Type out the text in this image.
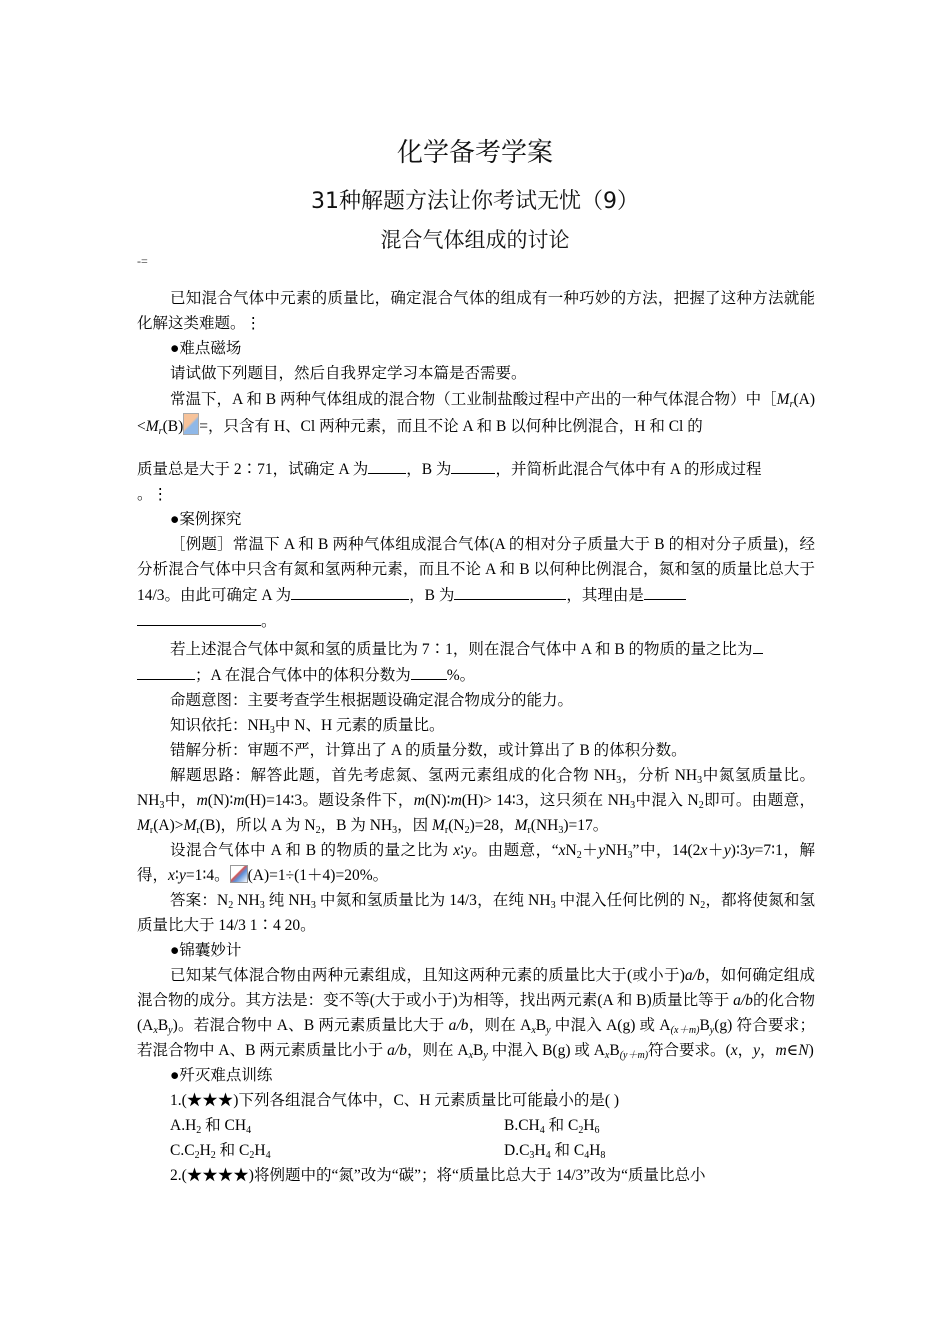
化学备考学案
31种解题方法让你考试无忧（9）
混合气体组成的讨论
-=

已知混合气体中元素的质量比，确定混合气体的组成有一种巧妙的方法，把握了这种方法就能化解这类难题。⋮

●难点磁场

请试做下列题目，然后自我界定学习本篇是否需要。

常温下，A 和 B 两种气体组成的混合物（工业制盐酸过程中产出的一种气体混合物）中$[M_r(A)<M_r(B)$ =，只含有 H、Cl 两种元素，而且不论 A 和 B 以何种比例混合，H 和 Cl 的

质量总是大于 2∶71，试确定 A 为 ，B 为	，并简析此混合气体中有 A 的形成过程

。⋮

●案例探究

［例题］常温下 A 和 B 两种气体组成混合气体(A 的相对分子质量大于 B 的相对分子质量)，经分析混合气体中只含有氮和氢两种元素，而且不论 A 和 B 以何种比例混合，氮和氢的质量比总大于 14/3。由此可确定 A 为	，B 为	，其理由是
。

若上述混合气体中氮和氢的质量比为 7∶1，则在混合气体中 A 和 B 的物质的量之比为
；A 在混合气体中的体积分数为 %。

命题意图：主要考查学生根据题设确定混合物成分的能力。

知识依托：$NH_3$中 N、H 元素的质量比。

错解分析：审题不严，计算出了 A 的质量分数，或计算出了 B 的体积分数。

解题思路：解答此题，首先考虑氮、氢两元素组成的化合物 $NH_3$，分析 $NH_3$中氮氢质量比。$NH_3$中，m(N)∶m(H)=14∶3。题设条件下，m(N)∶m(H)> 14∶3，这只须在 $NH_3$中混入 $N_2$即可。由题意，$M_r(A)>M_r(B)$，所以 A 为 $N_2$，B 为 $NH_3$，因 $M_r(N_2)=28$，$M_r(NH_3)=17$。

设混合气体中 A 和 B 的物质的量之比为 x∶y。由题意，“$xN_2+yNH_3$”中，14(2x＋y)∶3y=7∶1，解得，x∶y=1∶4。 (A)=1÷(1＋4)=20%。

答案：$N_2$ $NH_3$ 纯 $NH_3$ 中氮和氢质量比为 14/3，在纯 $NH_3$ 中混入任何比例的 $N_2$，都将使氮和氢质量比大于 14/3 1∶4 20。

●锦囊妙计

已知某气体混合物由两种元素组成，且知这两种元素的质量比大于(或小于)a/b，如何确定组成混合物的成分。其方法是：变不等(大于或小于)为相等，找出两元素(A 和 B)质量比等于 a/b的化合物$(A_xB_y)$。若混合物中 A、B 两元素质量比大于 a/b，则在 $A_xB_y$ 中混入 A(g) 或 $A_{(x+m)}B_y(g)$ 符合要求；若混合物中 A、B 两元素质量比小于 a/b，则在 $A_xB_y$ 中混入 B(g) 或 $A_xB_{(y+m)}$符合要求。(x，y，m∈N)

●歼灭难点训练

1.(★★★)下列各组混合气体中，C、H 元素质量比可能最小的是( )

$A.H_2$ 和 $CH_4$	$B.CH_4$ 和 $C_2H_6$

$C.C_2H_2$ 和 $C_2H_4$	$D.C_3H_4$ 和 $C_4H_8$

2.(★★★★)将例题中的“氮”改为“碳”；将“质量比总大于 14/3”改为“质量比总小
